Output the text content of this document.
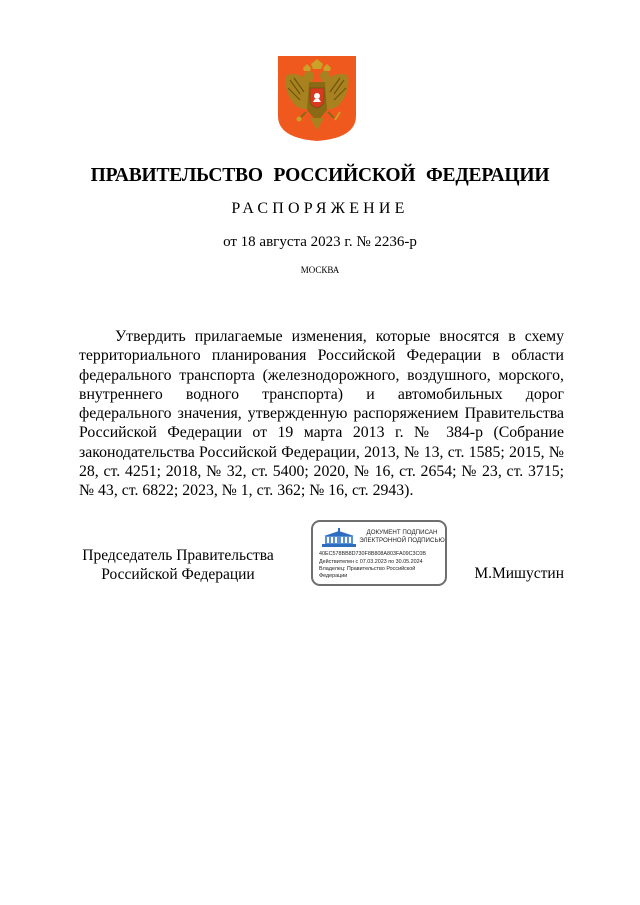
ПРАВИТЕЛЬСТВО РОССИЙСКОЙ ФЕДЕРАЦИИ
РАСПОРЯЖЕНИЕ
от 18 августа 2023 г. № 2236-р
МОСКВА
Утвердить прилагаемые изменения, которые вносятся в схему территориального планирования Российской Федерации в области федерального транспорта (железнодорожного, воздушного, морского, внутреннего водного транспорта) и автомобильных дорог федерального значения, утвержденную распоряжением Правительства Российской Федерации от 19 марта 2013 г. № 384-р (Собрание законодательства Российской Федерации, 2013, № 13, ст. 1585; 2015, № 28, ст. 4251; 2018, № 32, ст. 5400; 2020, № 16, ст. 2654; № 23, ст. 3715; № 43, ст. 6822; 2023, № 1, ст. 362; № 16, ст. 2943).
Председатель Правительства
Российской Федерации
ДОКУМЕНТ ПОДПИСАН
ЭЛЕКТРОННОЙ ПОДПИСЬЮ
40EC578BB8D730F8B808A803FA09C3C0B
Действителен с 07.03.2023 по 30.05.2024
Владелец: Правительство Российской
Федерации	М.Мишустин
